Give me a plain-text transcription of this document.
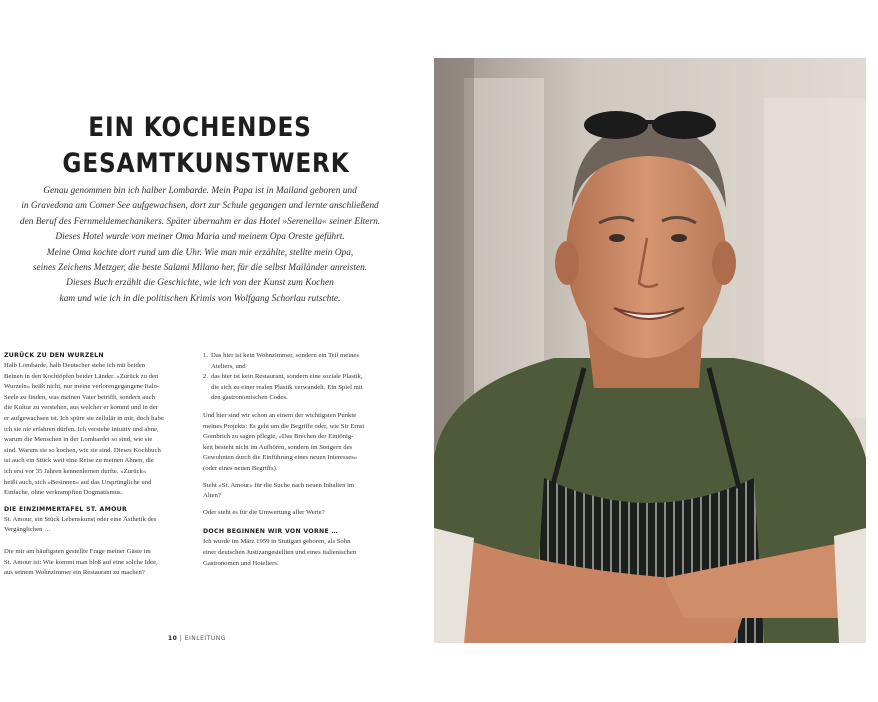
EIN KOCHENDES
GESAMTKUNSTWERK
Genau genommen bin ich halber Lombarde. Mein Papa ist in Mailand geboren und
in Gravedona am Comer See aufgewachsen, dort zur Schule gegangen und lernte anschließend
den Beruf des Fernmeldemechanikers. Später übernahm er das Hotel »Serenella« seiner Eltern.
Dieses Hotel wurde von meiner Oma Maria und meinem Opa Oreste geführt.
Meine Oma kochte dort rund um die Uhr. Wie man mir erzählte, stellte mein Opa,
seines Zeichens Metzger, die beste Salami Milano her, für die selbst Mailänder anreisten.
Dieses Buch erzählt die Geschichte, wie ich von der Kunst zum Kochen
kam und wie ich in die politischen Krimis von Wolfgang Schorlau rutschte.
ZURÜCK ZU DEN WURZELN
Halb Lombarde, halb Deutscher stehe ich mit beiden
Beinen in den Kochtöpfen beider Länder. »Zurück zu den
Wurzeln« heißt nicht, nur meine verlorengegangene Italo-
Seele zu finden, was meinen Vater betrifft, sondern auch
die Kultur zu verstehen, aus welcher er kommt und in der
er aufgewachsen ist. Ich spüre sie zellulär in mir, doch habe
ich sie nie erfahren dürfen. Ich verstehe intuitiv und ahne,
warum die Menschen in der Lombardei so sind, wie sie
sind. Warum sie so kochen, wie sie sind. Dieses Kochbuch
ist auch ein Stück weit eine Reise zu meinen Ahnen, die
ich erst vor 35 Jahren kennenlernen durfte. »Zurück«
heißt auch, sich »Besinnen« auf das Ursprüngliche und
Einfache, ohne verkrampften Dogmatismus.
DIE EINZIMMERTAFEL ST. AMOUR
St. Amour, ein Stück Lebenskunst oder eine Ästhetik des
Vergänglichen …
Die mir am häufigsten gestellte Frage meiner Gäste im
St. Amour ist: Wie kommt man bloß auf eine solche Idee,
aus seinem Wohnzimmer ein Restaurant zu machen?
1. Das hier ist kein Wohnzimmer, sondern ein Teil meines
Ateliers, und
2. das hier ist kein Restaurant, sondern eine soziale Plastik,
die sich zu einer realen Plastik verwandelt. Ein Spiel mit
den gastronomischen Codes.
Und hier sind wir schon an einem der wichtigsten Punkte
meines Projekts: Es geht um die Begriffe oder, wie Sir Ernst
Gombrich zu sagen pflegte, »Das Brechen der Eintönig-
keit besteht nicht im Aufhören, sondern im Steigern des
Gewohnten durch die Einführung eines neuen Interesses«
(oder eines neuen Begriffs).
Steht »St. Amour« für die Suche nach neuen Inhalten im
Alten?
Oder steht es für die Umwertung aller Werte?
DOCH BEGINNEN WIR VON VORNE …
Ich wurde im März 1959 in Stuttgart geboren, als Sohn
einer deutschen Justizangestellten und eines italienischen
Gastronomen und Hoteliers.
10 | EINLEITUNG
